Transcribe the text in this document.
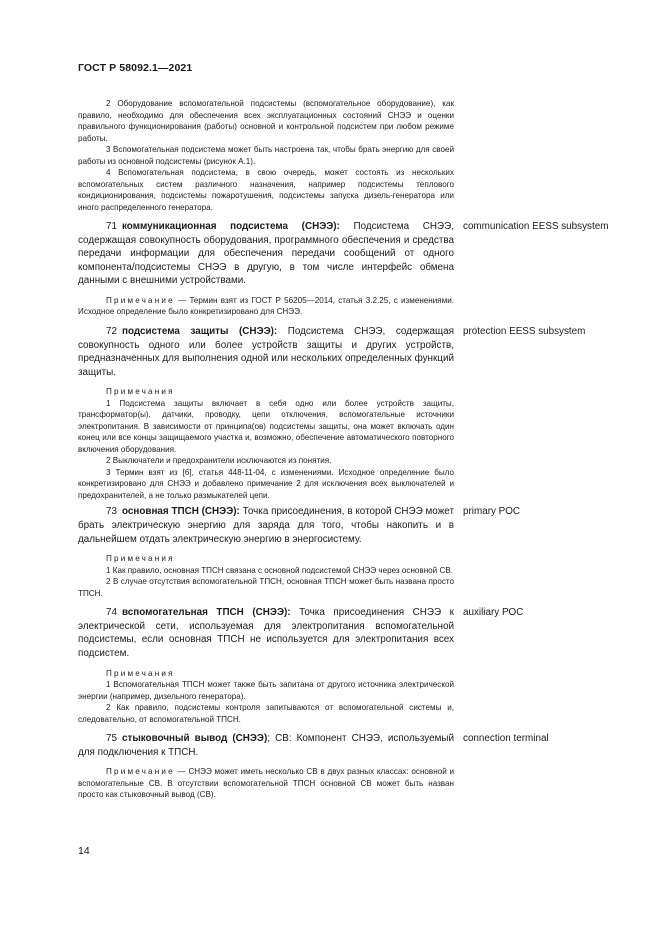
ГОСТ Р 58092.1—2021

2 Оборудование вспомогательной подсистемы (вспомогательное оборудование), как правило, необходимо для обеспечения всех эксплуатационных состояний СНЭЭ и оценки правильного функционирования (работы) основной и контрольной подсистем при любом режиме работы.

3 Вспомогательная подсистема может быть настроена так, чтобы брать энергию для своей работы из основной подсистемы (рисунок А.1).

4 Вспомогательная подсистема, в свою очередь, может состоять из нескольких вспомогательных систем различного назначения, например подсистемы теплового кондиционирования, подсистемы пожаротушения, подсистемы запуска дизель-генератора или иного распределенного генератора.

71 коммуникационная подсистема (СНЭЭ): Подсистема СНЭЭ, содержащая совокупность оборудования, программного обеспечения и средства передачи информации для обеспечения передачи сообщений от одного компонента/подсистемы СНЭЭ в другую, в том числе интерфейс обмена данными с внешними устройствами.

communication EESS subsystem

Примечание — Термин взят из ГОСТ Р 56205—2014, статья 3.2.25, с изменениями. Исходное определение было конкретизировано для СНЭЭ.

72 подсистема защиты (СНЭЭ): Подсистема СНЭЭ, содержащая совокупность одного или более устройств защиты и других устройств, предназначенных для выполнения одной или нескольких определенных функций защиты.

protection EESS subsystem

Примечания

1 Подсистема защиты включает в себя одно или более устройств защиты, трансформатор(ы), датчики, проводку, цепи отключения, вспомогательные источники электропитания. В зависимости от принципа(ов) подсистемы защиты, она может включать один конец или все концы защищаемого участка и, возможно, обеспечение автоматического повторного включения оборудования.

2 Выключатели и предохранители исключаются из понятия.

3 Термин взят из [6], статья 448-11-04, с изменениями. Исходное определение было конкретизировано для СНЭЭ и добавлено примечание 2 для исключения всех выключателей и предохранителей, а не только размыкателей цепи.

73 основная ТПСН (СНЭЭ): Точка присоединения, в которой СНЭЭ может брать электрическую энергию для заряда для того, чтобы накопить и в дальнейшем отдать электрическую энергию в энергосистему.

primary POC

Примечания

1 Как правило, основная ТПСН связана с основной подсистемой СНЭЭ через основной СВ.

2 В случае отсутствия вспомогательной ТПСН, основная ТПСН может быть названа просто ТПСН.

74 вспомогательная ТПСН (СНЭЭ): Точка присоединения СНЭЭ к электрической сети, используемая для электропитания вспомогательной подсистемы, если основная ТПСН не используется для электропитания всех подсистем.

auxiliary POC

Примечания

1 Вспомогательная ТПСН может также быть запитана от другого источника электрической энергии (например, дизельного генератора).

2 Как правило, подсистемы контроля запитываются от вспомогательной системы и, следовательно, от вспомогательной ТПСН.

75 стыковочный вывод (СНЭЭ); СВ: Компонент СНЭЭ, используемый для подключения к ТПСН.

connection terminal

Примечание — СНЭЭ может иметь несколько СВ в двух разных классах: основной и вспомогательные СВ. В отсутствии вспомогательной ТПСН основной СВ может быть назван просто как стыковочный вывод (СВ).

14
